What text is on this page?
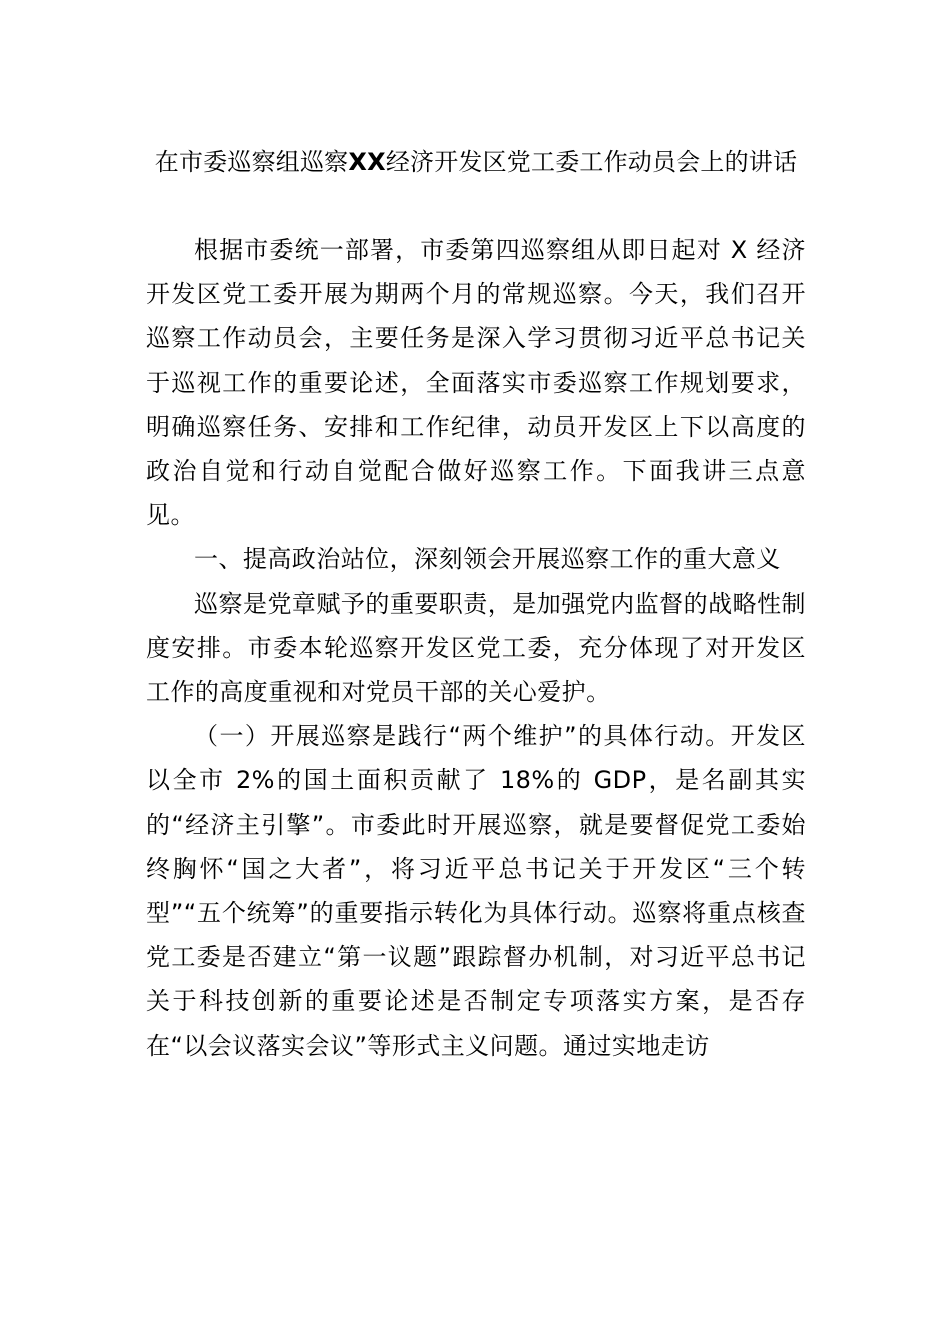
在市委巡察组巡察XX经济开发区党工委工作动员会上的讲话

根据市委统一部署，市委第四巡察组从即日起对 X 经济开发区党工委开展为期两个月的常规巡察。今天，我们召开巡察工作动员会，主要任务是深入学习贯彻习近平总书记关于巡视工作的重要论述，全面落实市委巡察工作规划要求，明确巡察任务、安排和工作纪律，动员开发区上下以高度的政治自觉和行动自觉配合做好巡察工作。下面我讲三点意见。

一、提高政治站位，深刻领会开展巡察工作的重大意义

巡察是党章赋予的重要职责，是加强党内监督的战略性制度安排。市委本轮巡察开发区党工委，充分体现了对开发区工作的高度重视和对党员干部的关心爱护。

（一）开展巡察是践行“两个维护”的具体行动。开发区以全市 2%的国土面积贡献了 18%的 GDP，是名副其实的“经济主引擎”。市委此时开展巡察，就是要督促党工委始终胸怀“国之大者”，将习近平总书记关于开发区“三个转型”“五个统筹”的重要指示转化为具体行动。巡察将重点核查党工委是否建立“第一议题”跟踪督办机制，对习近平总书记关于科技创新的重要论述是否制定专项落实方案，是否存在“以会议落实会议”等形式主义问题。通过实地走访
